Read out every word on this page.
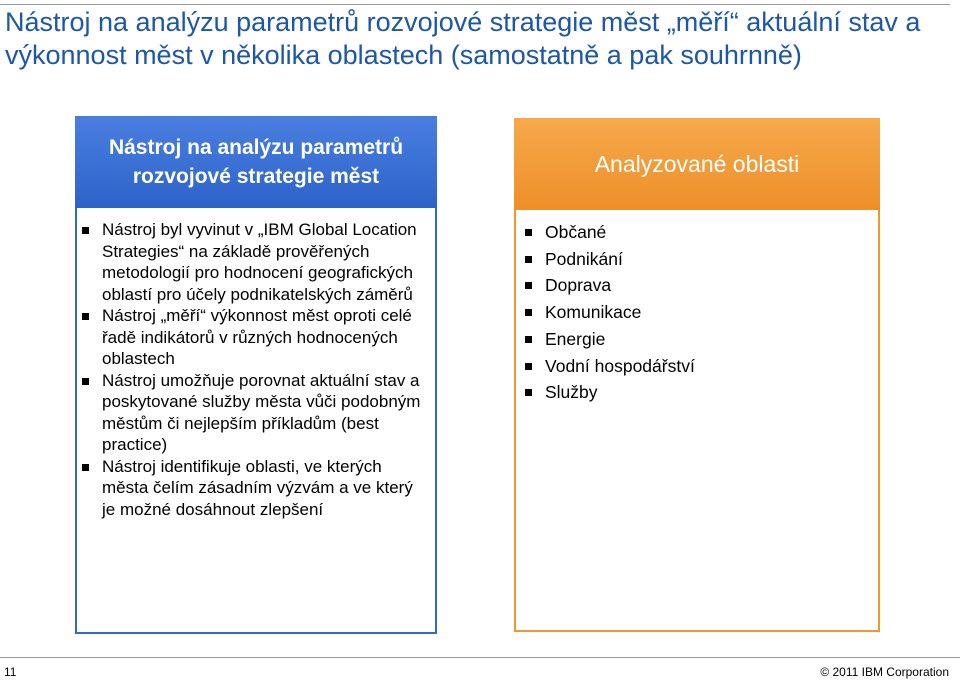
Nástroj na analýzu parametrů rozvojové strategie měst „měří“ aktuální stav a výkonnost měst v několika oblastech (samostatně a pak souhrnně)
Nástroj na analýzu parametrů rozvojové strategie měst
Nástroj byl vyvinut v „IBM Global Location Strategies“ na základě prověřených metodologií pro hodnocení geografických oblastí pro účely podnikatelských záměrů
Nástroj „měří“ výkonnost měst oproti celé řadě indikátorů v různých hodnocených oblastech
Nástroj umožňuje porovnat aktuální stav a poskytované služby města vůči podobným městům či nejlepším příkladům (best practice)
Nástroj identifikuje oblasti, ve kterých města čelím zásadním výzvám a ve který je možné dosáhnout zlepšení
Analyzované oblasti
Občané
Podnikání
Doprava
Komunikace
Energie
Vodní hospodářství
Služby
11	© 2011 IBM Corporation
